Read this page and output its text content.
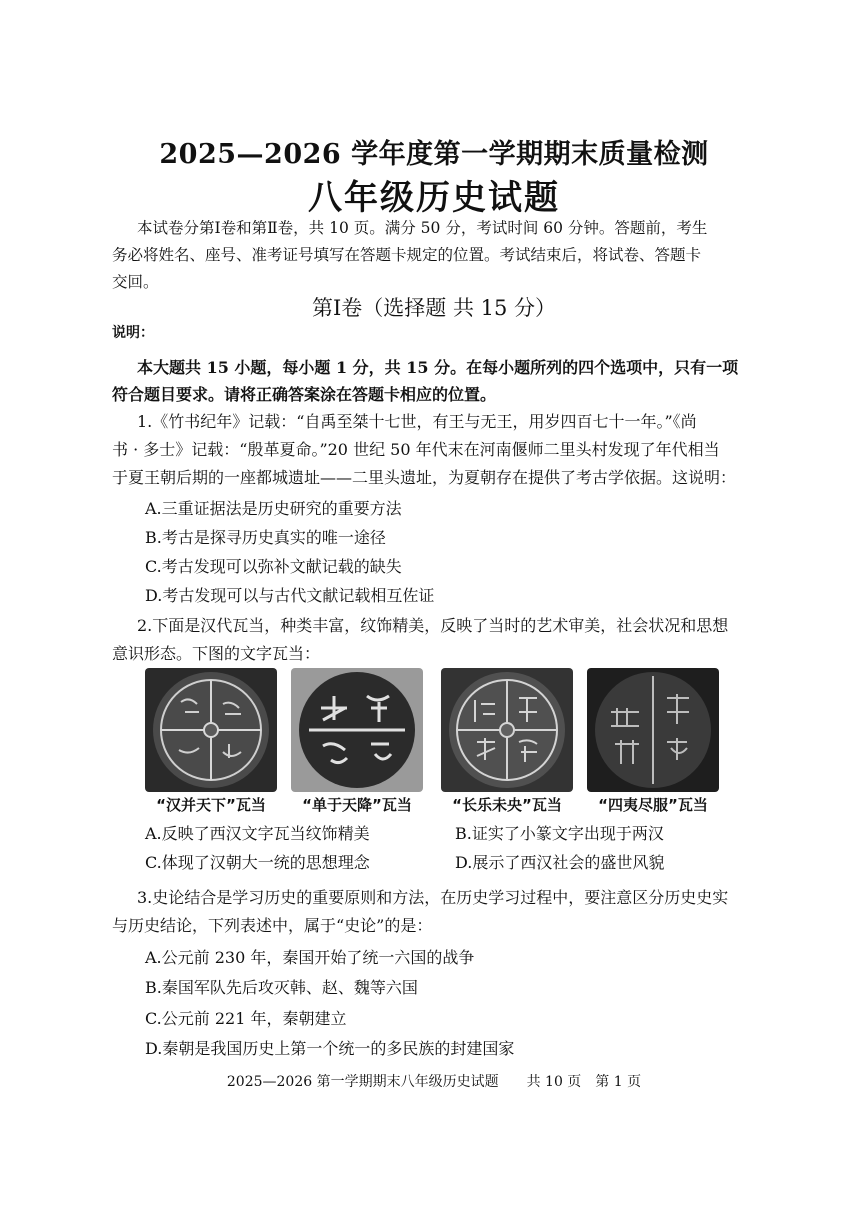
2025—2026 学年度第一学期期末质量检测
八年级历史试题
本试卷分第Ⅰ卷和第Ⅱ卷，共 10 页。满分 50 分，考试时间 60 分钟。答题前，考生
务必将姓名、座号、准考证号填写在答题卡规定的位置。考试结束后，将试卷、答题卡
交回。
第Ⅰ卷（选择题 共 15 分）
说明：
本大题共 15 小题，每小题 1 分，共 15 分。在每小题所列的四个选项中，只有一项
符合题目要求。请将正确答案涂在答题卡相应的位置。
1.《竹书纪年》记载：“自禹至桀十七世，有王与无王，用岁四百七十一年。”《尚
书 · 多士》记载：“殷革夏命。”20 世纪 50 年代末在河南偃师二里头村发现了年代相当
于夏王朝后期的一座都城遗址——二里头遗址，为夏朝存在提供了考古学依据。这说明：
A.三重证据法是历史研究的重要方法
B.考古是探寻历史真实的唯一途径
C.考古发现可以弥补文献记载的缺失
D.考古发现可以与古代文献记载相互佐证
2.下面是汉代瓦当，种类丰富，纹饰精美，反映了当时的艺术审美，社会状况和思想
意识形态。下图的文字瓦当：
“汉并天下”瓦当	“单于天降”瓦当	“长乐未央”瓦当	“四夷尽服”瓦当
A.反映了西汉文字瓦当纹饰精美	B.证实了小篆文字出现于两汉
C.体现了汉朝大一统的思想理念	D.展示了西汉社会的盛世风貌
3.史论结合是学习历史的重要原则和方法，在历史学习过程中，要注意区分历史史实
与历史结论，下列表述中，属于“史论”的是：
A.公元前 230 年，秦国开始了统一六国的战争
B.秦国军队先后攻灭韩、赵、魏等六国
C.公元前 221 年，秦朝建立
D.秦朝是我国历史上第一个统一的多民族的封建国家
2025—2026 第一学期期末八年级历史试题　　共 10 页　第 1 页
